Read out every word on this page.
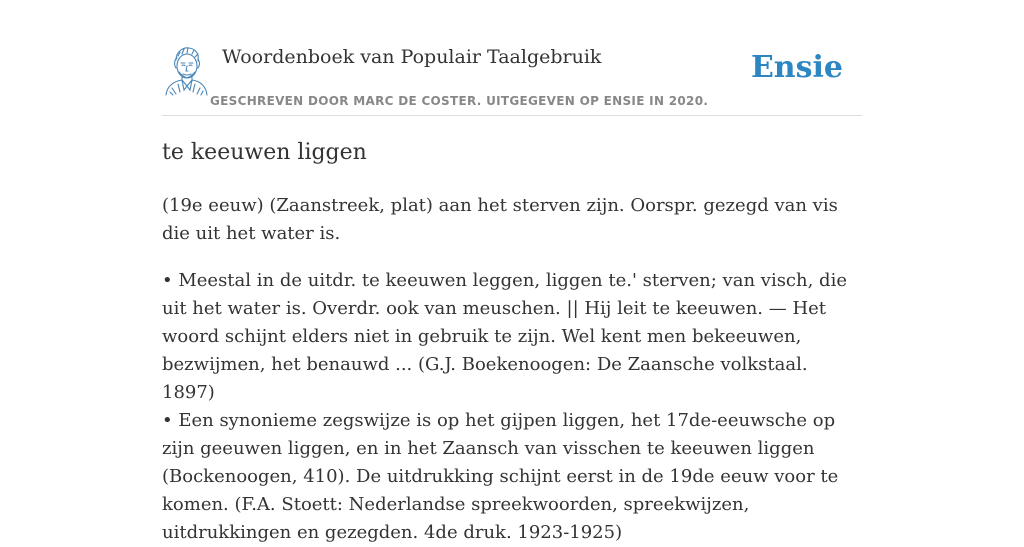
Woordenboek van Populair Taalgebruik
GESCHREVEN DOOR MARC DE COSTER. UITGEGEVEN OP ENSIE IN 2020.
Ensie
te keeuwen liggen

(19e eeuw) (Zaanstreek, plat) aan het sterven zijn. Oorspr. gezegd van vis die uit het water is.

• Meestal in de uitdr. te keeuwen leggen, liggen te.' sterven; van visch, die uit het water is. Overdr. ook van meuschen. || Hij leit te keeuwen. — Het woord schijnt elders niet in gebruik te zijn. Wel kent men bekeeuwen, bezwijmen, het benauwd ... (G.J. Boekenoogen: De Zaansche volkstaal. 1897)
• Een synonieme zegswijze is op het gijpen liggen, het 17de-eeuwsche op zijn geeuwen liggen, en in het Zaansch van visschen te keeuwen liggen (Bockenoogen, 410). De uitdrukking schijnt eerst in de 19de eeuw voor te komen. (F.A. Stoett: Nederlandse spreekwoorden, spreekwijzen, uitdrukkingen en gezegden. 4de druk. 1923-1925)
